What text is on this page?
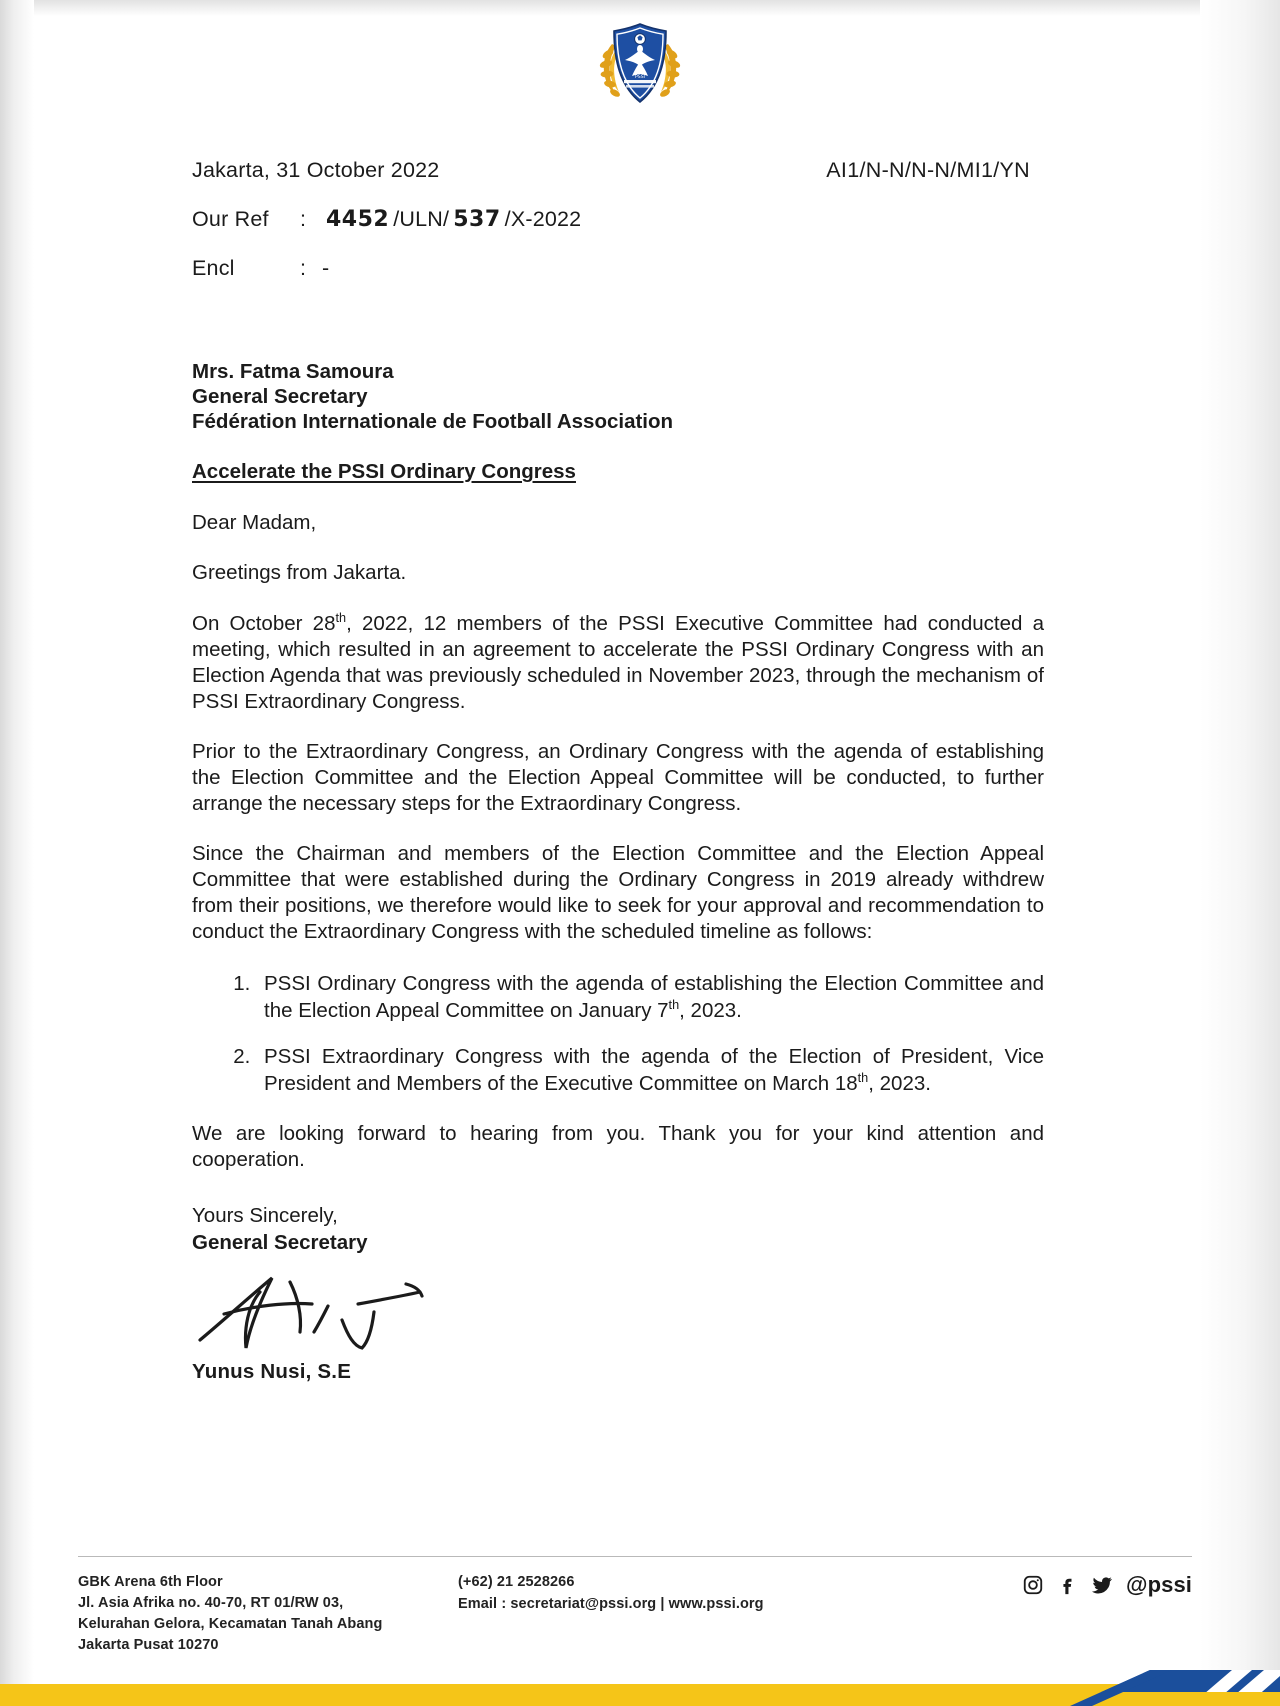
PSSI
AI1/N-N/N-N/MI1/YN
Jakarta, 31 October 2022
Our Ref	: 4452 /ULN/ 537 /X-2022
Encl	: -
Mrs. Fatma Samoura
General Secretary
Fédération Internationale de Football Association
Accelerate the PSSI Ordinary Congress

Dear Madam,

Greetings from Jakarta.

On October 28th, 2022, 12 members of the PSSI Executive Committee had conducted a meeting, which resulted in an agreement to accelerate the PSSI Ordinary Congress with an Election Agenda that was previously scheduled in November 2023, through the mechanism of PSSI Extraordinary Congress.

Prior to the Extraordinary Congress, an Ordinary Congress with the agenda of establishing the Election Committee and the Election Appeal Committee will be conducted, to further arrange the necessary steps for the Extraordinary Congress.

Since the Chairman and members of the Election Committee and the Election Appeal Committee that were established during the Ordinary Congress in 2019 already withdrew from their positions, we therefore would like to seek for your approval and recommendation to conduct the Extraordinary Congress with the scheduled timeline as follows:

1. PSSI Ordinary Congress with the agenda of establishing the Election Committee and the Election Appeal Committee on January 7th, 2023.
2. PSSI Extraordinary Congress with the agenda of the Election of President, Vice President and Members of the Executive Committee on March 18th, 2023.

We are looking forward to hearing from you. Thank you for your kind attention and cooperation.

Yours Sincerely,
General Secretary
Yunus Nusi, S.E
GBK Arena 6th Floor
Jl. Asia Afrika no. 40-70, RT 01/RW 03,
Kelurahan Gelora, Kecamatan Tanah Abang
Jakarta Pusat 10270
(+62) 21 2528266
Email : secretariat@pssi.org | www.pssi.org
@pssi
